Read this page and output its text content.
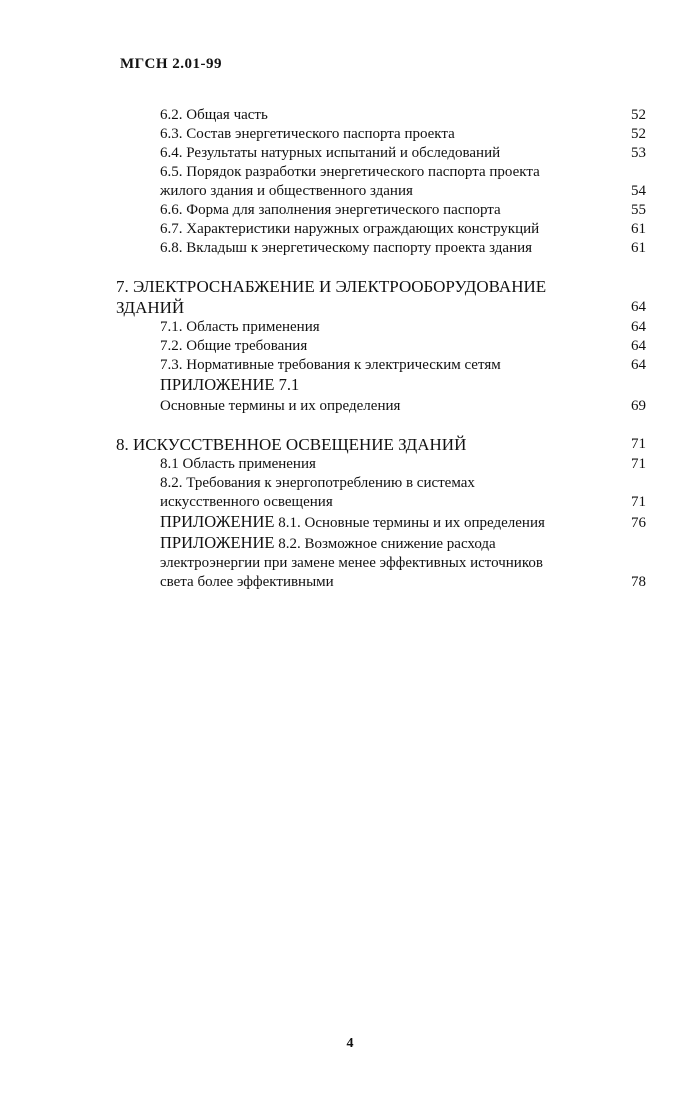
МГСН 2.01-99
6.2. Общая часть	52
6.3. Состав энергетического паспорта проекта	52
6.4. Результаты натурных испытаний и обследований	53
6.5. Порядок разработки энергетического паспорта проекта
жилого здания и общественного здания	54
6.6. Форма для заполнения энергетического паспорта	55
6.7. Характеристики наружных ограждающих конструкций	61
6.8. Вкладыш к энергетическому паспорту проекта здания	61
7. ЭЛЕКТРОСНАБЖЕНИЕ И ЭЛЕКТРООБОРУДОВАНИЕ
ЗДАНИЙ	64
7.1. Область применения	64
7.2. Общие требования	64
7.3. Нормативные требования к электрическим сетям	64
ПРИЛОЖЕНИЕ 7.1
Основные термины и их определения	69
8. ИСКУССТВЕННОЕ ОСВЕЩЕНИЕ ЗДАНИЙ	71
8.1 Область применения	71
8.2. Требования к энергопотреблению в системах
искусственного освещения	71
ПРИЛОЖЕНИЕ 8.1. Основные термины и их определения	76
ПРИЛОЖЕНИЕ 8.2. Возможное снижение расхода
электроэнергии при замене менее эффективных источников
света более эффективными	78
4
